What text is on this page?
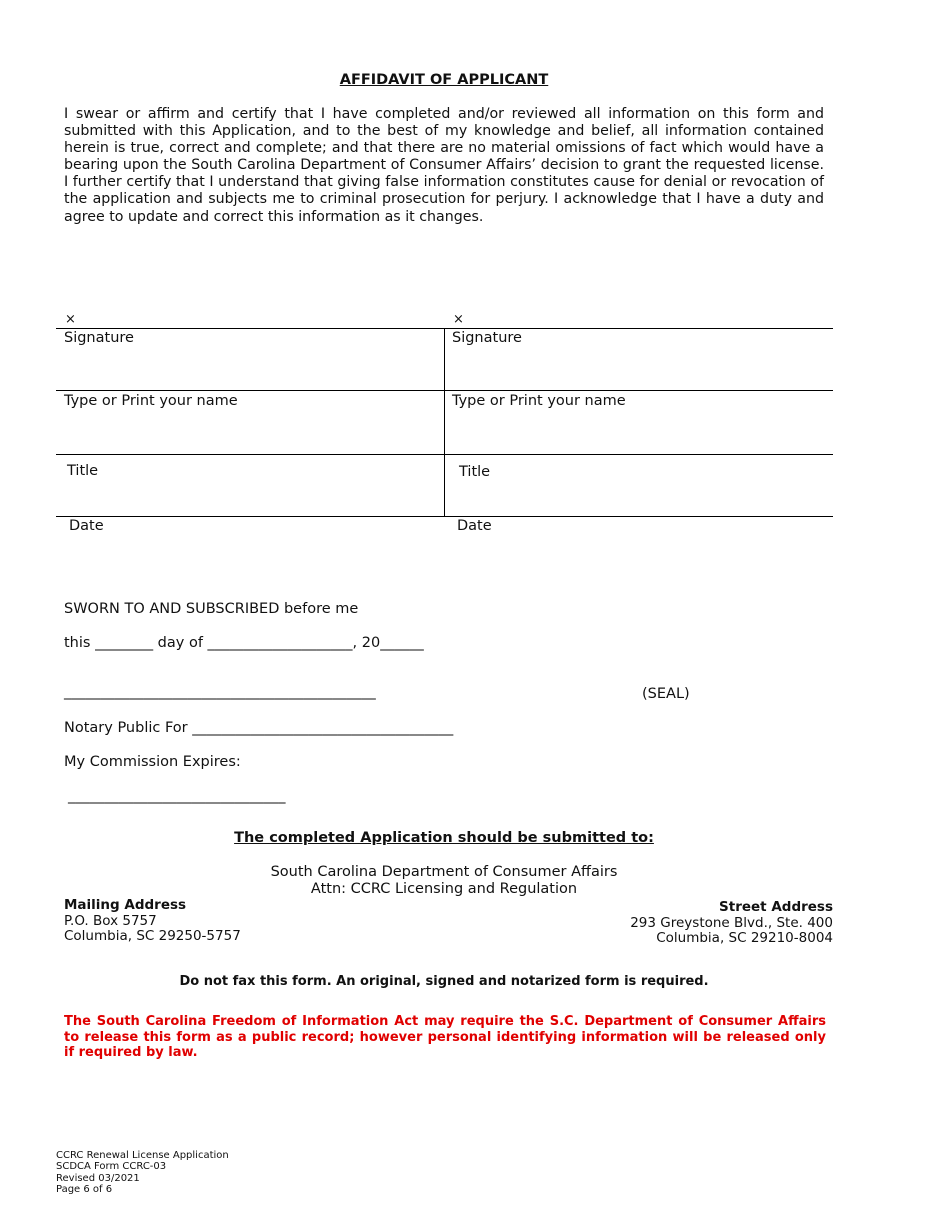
AFFIDAVIT OF APPLICANT
I swear or affirm and certify that I have completed and/or reviewed all information on this form and submitted with this Application, and to the best of my knowledge and belief, all information contained herein is true, correct and complete; and that there are no material omissions of fact which would have a bearing upon the South Carolina Department of Consumer Affairs’ decision to grant the requested license. I further certify that I understand that giving false information constitutes cause for denial or revocation of the application and subjects me to criminal prosecution for perjury. I acknowledge that I have a duty and agree to update and correct this information as it changes.
×	×
Signature	Signature
Type or Print your name	Type or Print your name
Title	Title
Date	Date
SWORN TO AND SUBSCRIBED before me
this ________ day of ____________________, 20______
___________________________________________	(SEAL)
Notary Public For ____________________________________
My Commission Expires:
______________________________
The completed Application should be submitted to:
South Carolina Department of Consumer Affairs
Attn: CCRC Licensing and Regulation
Mailing Address
P.O. Box 5757
Columbia, SC 29250-5757
Street Address
293 Greystone Blvd., Ste. 400
Columbia, SC 29210-8004
Do not fax this form. An original, signed and notarized form is required.
The South Carolina Freedom of Information Act may require the S.C. Department of Consumer Affairs to release this form as a public record; however personal identifying information will be released only if required by law.
CCRC Renewal License Application
SCDCA Form CCRC-03
Revised 03/2021
Page 6 of 6
